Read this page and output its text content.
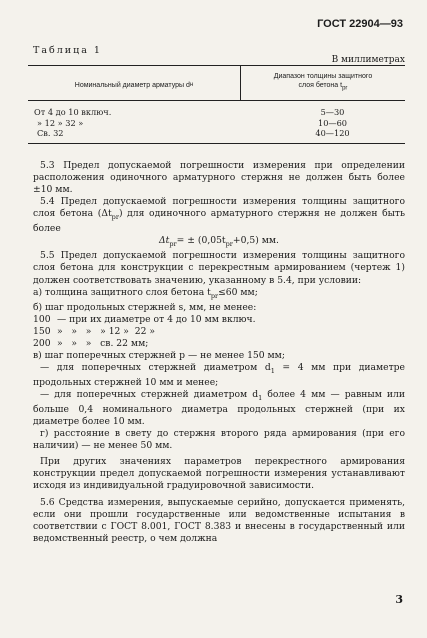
ГОСТ 22904—93
Таблица 1
В миллиметрах
Номинальный диаметр арматуры d н
Диапазон толщины защитного
слоя бетона $t_{pr}$
От 4 до 10 включ.
» 12 » 32 »
Св. 32
5—30
10—60
40—120

5.3 Предел допускаемой погрешности измерения при определении расположения одиночного арматурного стержня не должен быть более ±10 мм.

5.4 Предел допускаемой погрешности измерения толщины защитного слоя бетона $(\Delta t_{pr})$ для одиночного арматурного стержня не должен быть более

$\Delta t_{pr}= \pm (0,05t_{pr}+0,5)$ мм.

5.5 Предел допускаемой погрешности измерения толщины защитного слоя бетона для конструкции с перекрестным армированием (чертеж 1) должен соответствовать значению, указанному в 5.4, при условии:

а) толщина защитного слоя бетона $t_{pr}\le 60$ мм;

б) шаг продольных стержней s, мм, не менее:

100 — при их диаметре от 4 до 10 мм включ.
150 »   »   »   » 12 »  22 »
200 »   »   »   св. 22 мм;

в) шаг поперечных стержней p — не менее 150 мм;

— для поперечных стержней диаметром $d_1 = 4$ мм при диаметре продольных стержней 10 мм и менее;

— для поперечных стержней диаметром $d_1$ более 4 мм — равным или больше 0,4 номинального диаметра продольных стержней (при их диаметре более 10 мм.

г) расстояние в свету до стержня второго ряда армирования (при его наличии) — не менее 50 мм.

При других значениях параметров перекрестного армирования конструкции предел допускаемой погрешности измерения устанавливают исходя из индивидуальной градуировочной зависимости.

5.6 Средства измерения, выпускаемые серийно, допускается применять, если они прошли государственные или ведомственные испытания в соответствии с ГОСТ 8.001, ГОСТ 8.383 и внесены в государственный или ведомственный реестр, о чем должна

3
